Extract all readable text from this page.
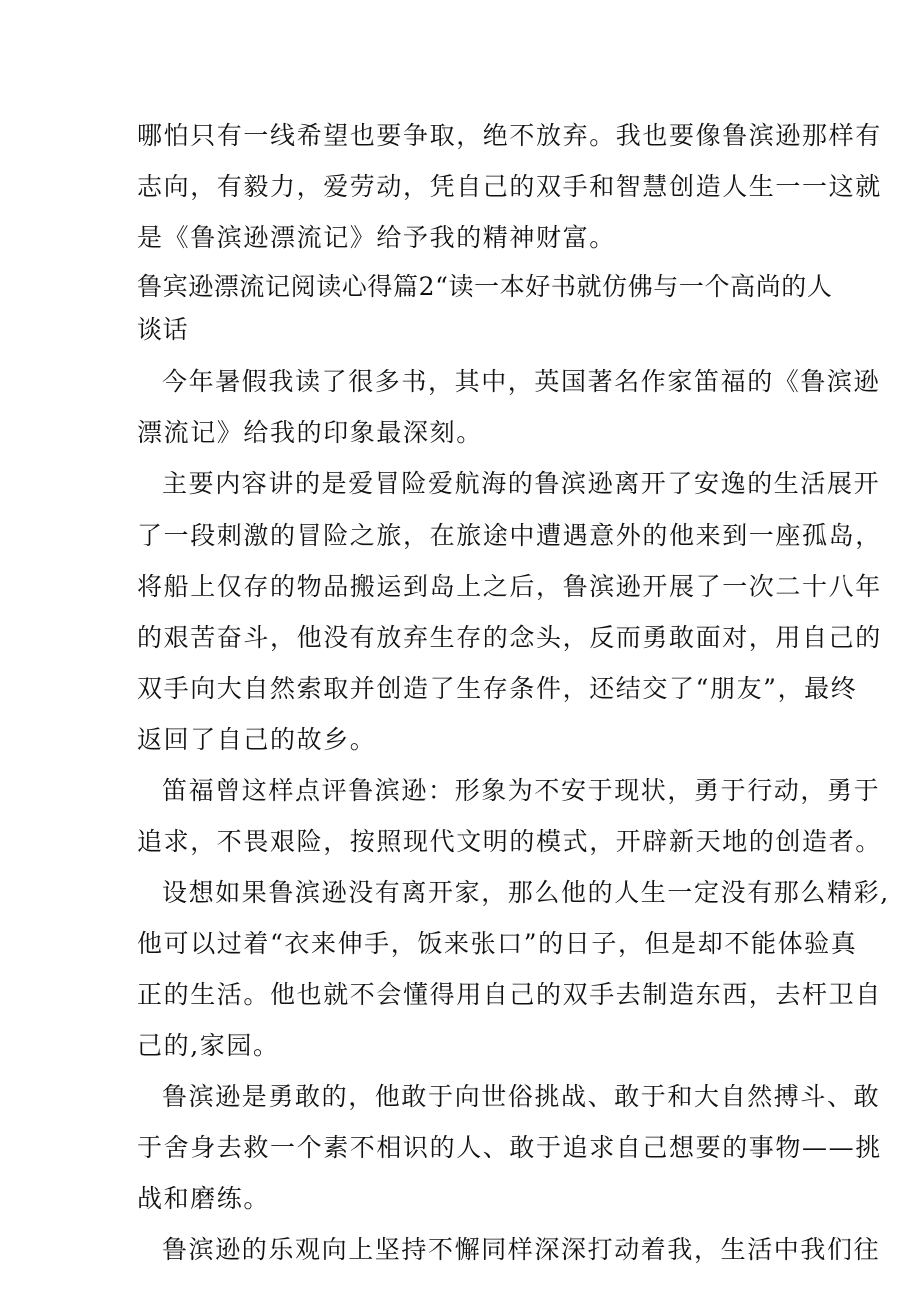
哪怕只有一线希望也要争取，绝不放弃。我也要像鲁滨逊那样有
志向，有毅力，爱劳动，凭自己的双手和智慧创造人生一一这就
是《鲁滨逊漂流记》给予我的精神财富。
鲁宾逊漂流记阅读心得篇2“读一本好书就仿佛与一个高尚的人
谈话
今年暑假我读了很多书，其中，英国著名作家笛福的《鲁滨逊
漂流记》给我的印象最深刻。
主要内容讲的是爱冒险爱航海的鲁滨逊离开了安逸的生活展开
了一段刺激的冒险之旅，在旅途中遭遇意外的他来到一座孤岛，
将船上仅存的物品搬运到岛上之后，鲁滨逊开展了一次二十八年
的艰苦奋斗，他没有放弃生存的念头，反而勇敢面对，用自己的
双手向大自然索取并创造了生存条件，还结交了“朋友”，最终
返回了自己的故乡。
笛福曾这样点评鲁滨逊：形象为不安于现状，勇于行动，勇于
追求，不畏艰险，按照现代文明的模式，开辟新天地的创造者。
设想如果鲁滨逊没有离开家，那么他的人生一定没有那么精彩,
他可以过着“衣来伸手，饭来张口”的日子，但是却不能体验真
正的生活。他也就不会懂得用自己的双手去制造东西，去杆卫自
己的,家园。
鲁滨逊是勇敢的，他敢于向世俗挑战、敢于和大自然搏斗、敢
于舍身去救一个素不相识的人、敢于追求自己想要的事物——挑
战和磨练。
鲁滨逊的乐观向上坚持不懈同样深深打动着我，生活中我们往
